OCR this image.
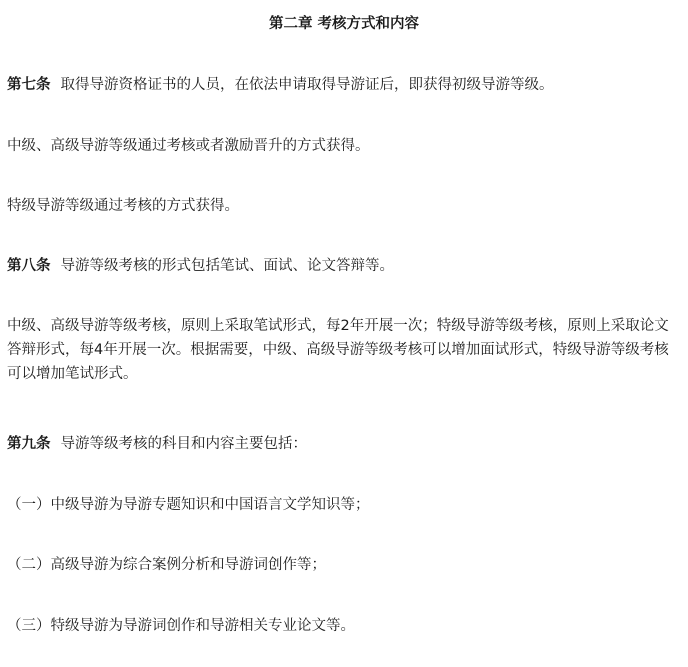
第二章 考核方式和内容

第七条 取得导游资格证书的人员，在依法申请取得导游证后，即获得初级导游等级。

中级、高级导游等级通过考核或者激励晋升的方式获得。

特级导游等级通过考核的方式获得。

第八条 导游等级考核的形式包括笔试、面试、论文答辩等。

中级、高级导游等级考核，原则上采取笔试形式，每2年开展一次；特级导游等级考核，原则上采取论文答辩形式，每4年开展一次。根据需要，中级、高级导游等级考核可以增加面试形式，特级导游等级考核可以增加笔试形式。

第九条 导游等级考核的科目和内容主要包括：

（一）中级导游为导游专题知识和中国语言文学知识等；

（二）高级导游为综合案例分析和导游词创作等；

（三）特级导游为导游词创作和导游相关专业论文等。
